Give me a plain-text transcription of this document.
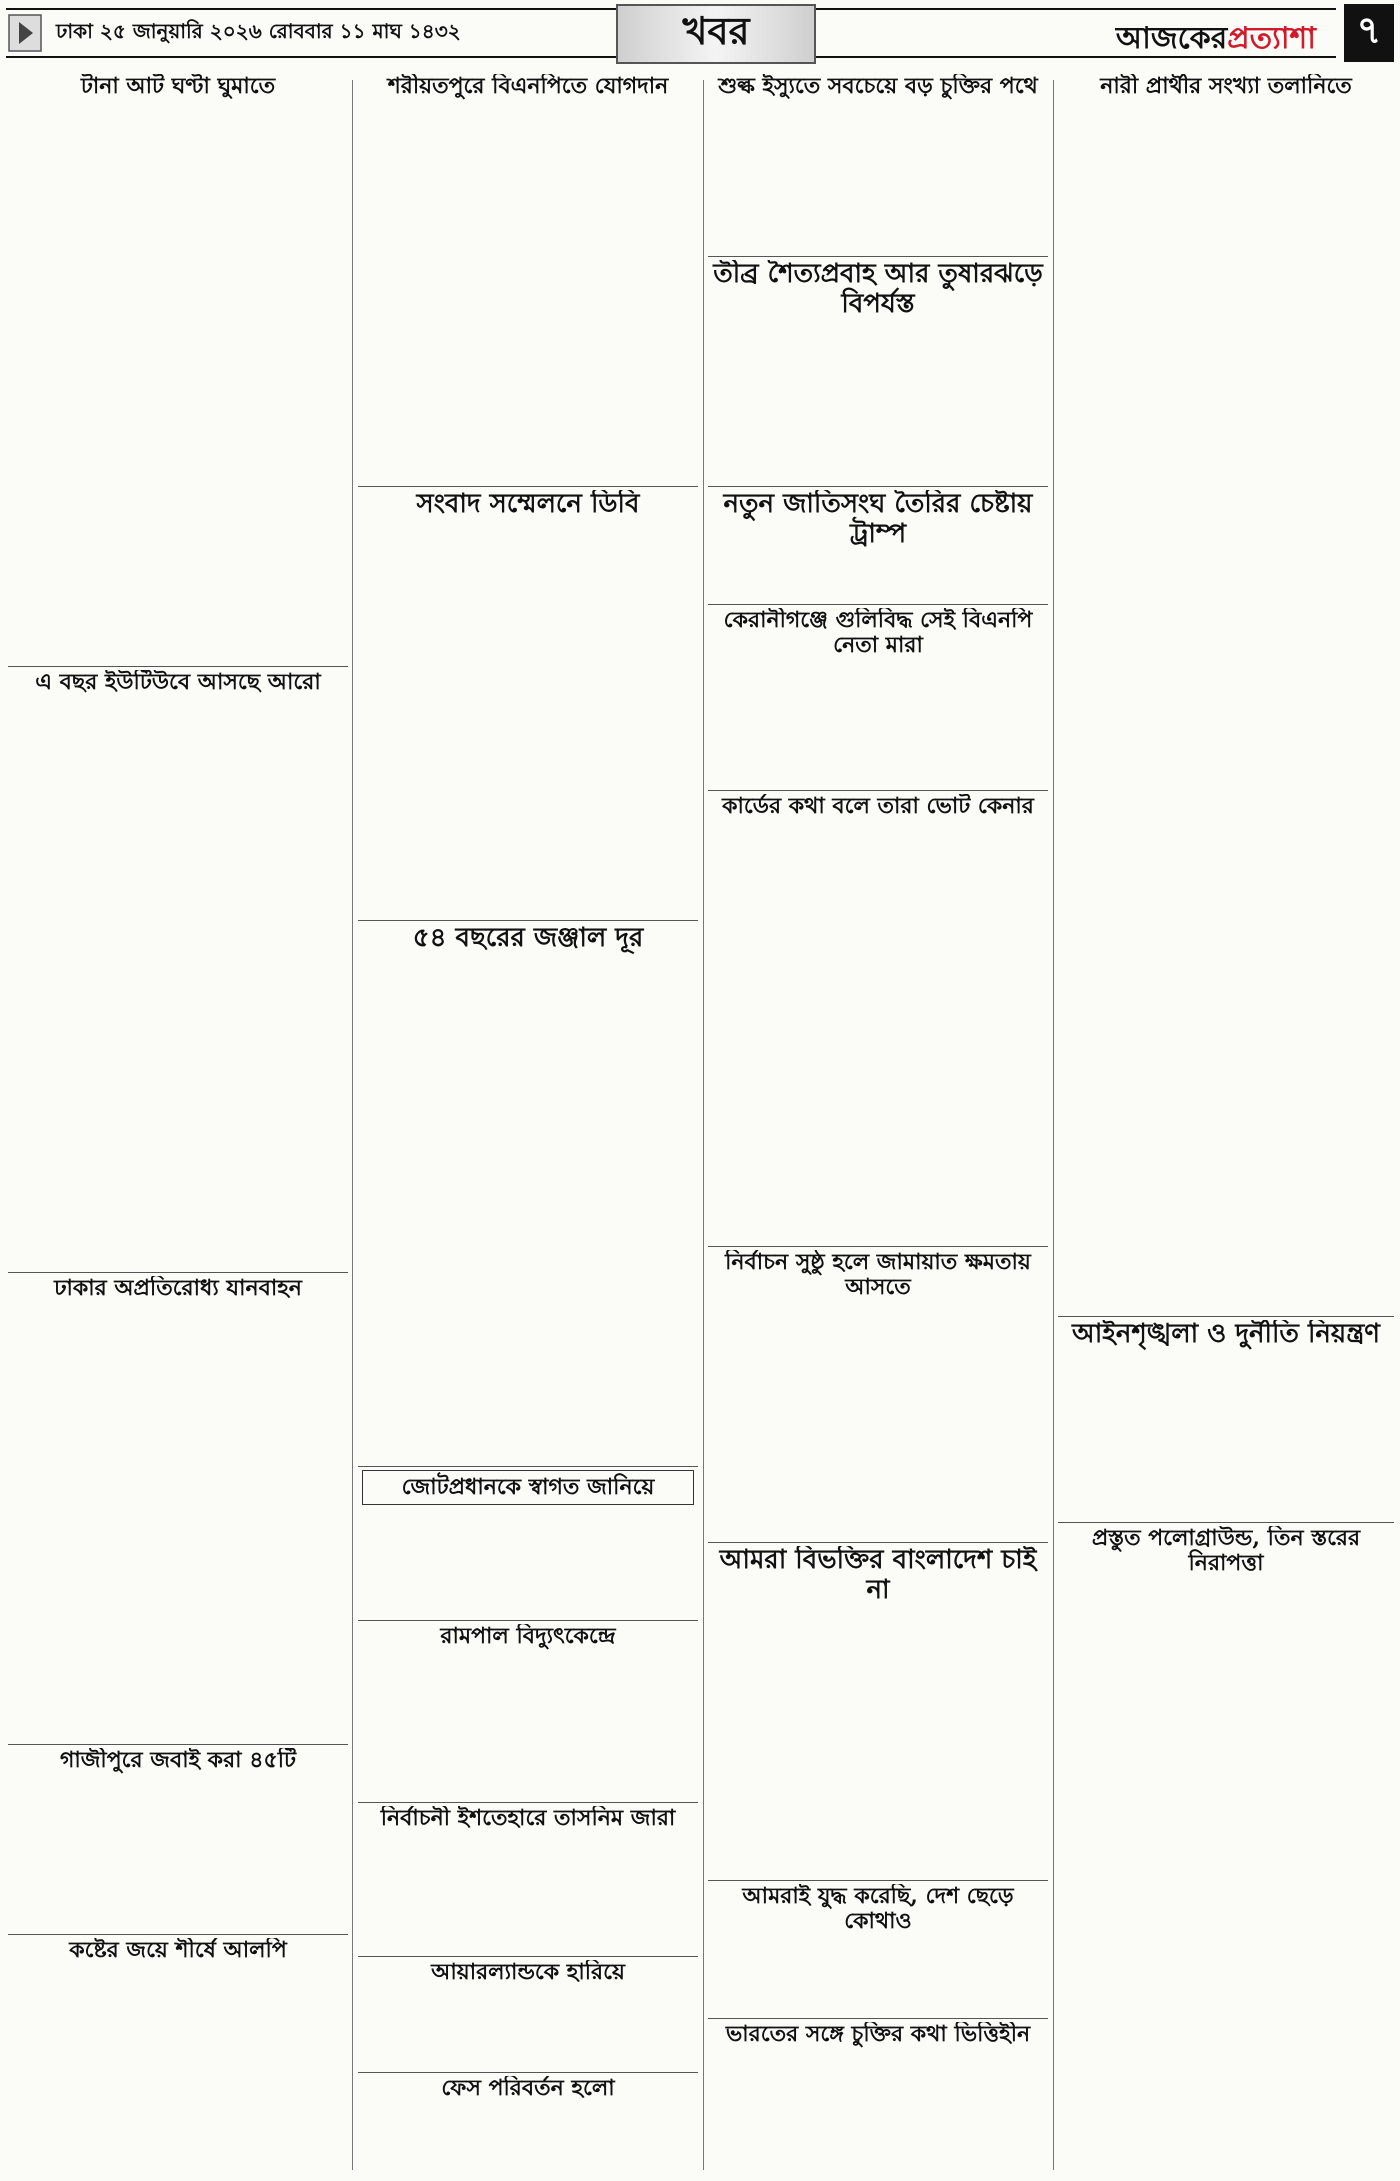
ঢাকা ২৫ জানুয়ারি ২০২৬ রোববার ১১ মাঘ ১৪৩২	খবর	আজকেরপ্রত্যাশা	৭
টানা আট ঘণ্টা ঘুমাতে
এ বছর ইউটিউবে আসছে আরো
ঢাকার অপ্রতিরোধ্য যানবাহন
গাজীপুরে জবাই করা ৪৫টি
কষ্টের জয়ে শীর্ষে আলপি
শরীয়তপুরে বিএনপিতে যোগদান
সংবাদ সম্মেলনে ডিবি
৫৪ বছরের জঞ্জাল দূর
জোটপ্রধানকে স্বাগত জানিয়ে
রামপাল বিদ্যুৎকেন্দ্রে
নির্বাচনী ইশতেহারে তাসনিম জারা
আয়ারল্যান্ডকে হারিয়ে
ফেস পরিবর্তন হলো
শুল্ক ইস্যুতে সবচেয়ে বড় চুক্তির পথে
তীব্র শৈত্যপ্রবাহ আর তুষারঝড়ে বিপর্যস্ত
নতুন জাতিসংঘ তৈরির চেষ্টায় ট্রাম্প
কেরানীগঞ্জে গুলিবিদ্ধ সেই বিএনপি নেতা মারা
কার্ডের কথা বলে তারা ভোট কেনার
নির্বাচন সুষ্ঠু হলে জামায়াত ক্ষমতায় আসতে
আমরা বিভক্তির বাংলাদেশ চাই না
আমরাই যুদ্ধ করেছি, দেশ ছেড়ে কোথাও
ভারতের সঙ্গে চুক্তির কথা ভিত্তিহীন
নারী প্রার্থীর সংখ্যা তলানিতে
আইনশৃঙ্খলা ও দুর্নীতি নিয়ন্ত্রণ
প্রস্তুত পলোগ্রাউন্ড, তিন স্তরের নিরাপত্তা
